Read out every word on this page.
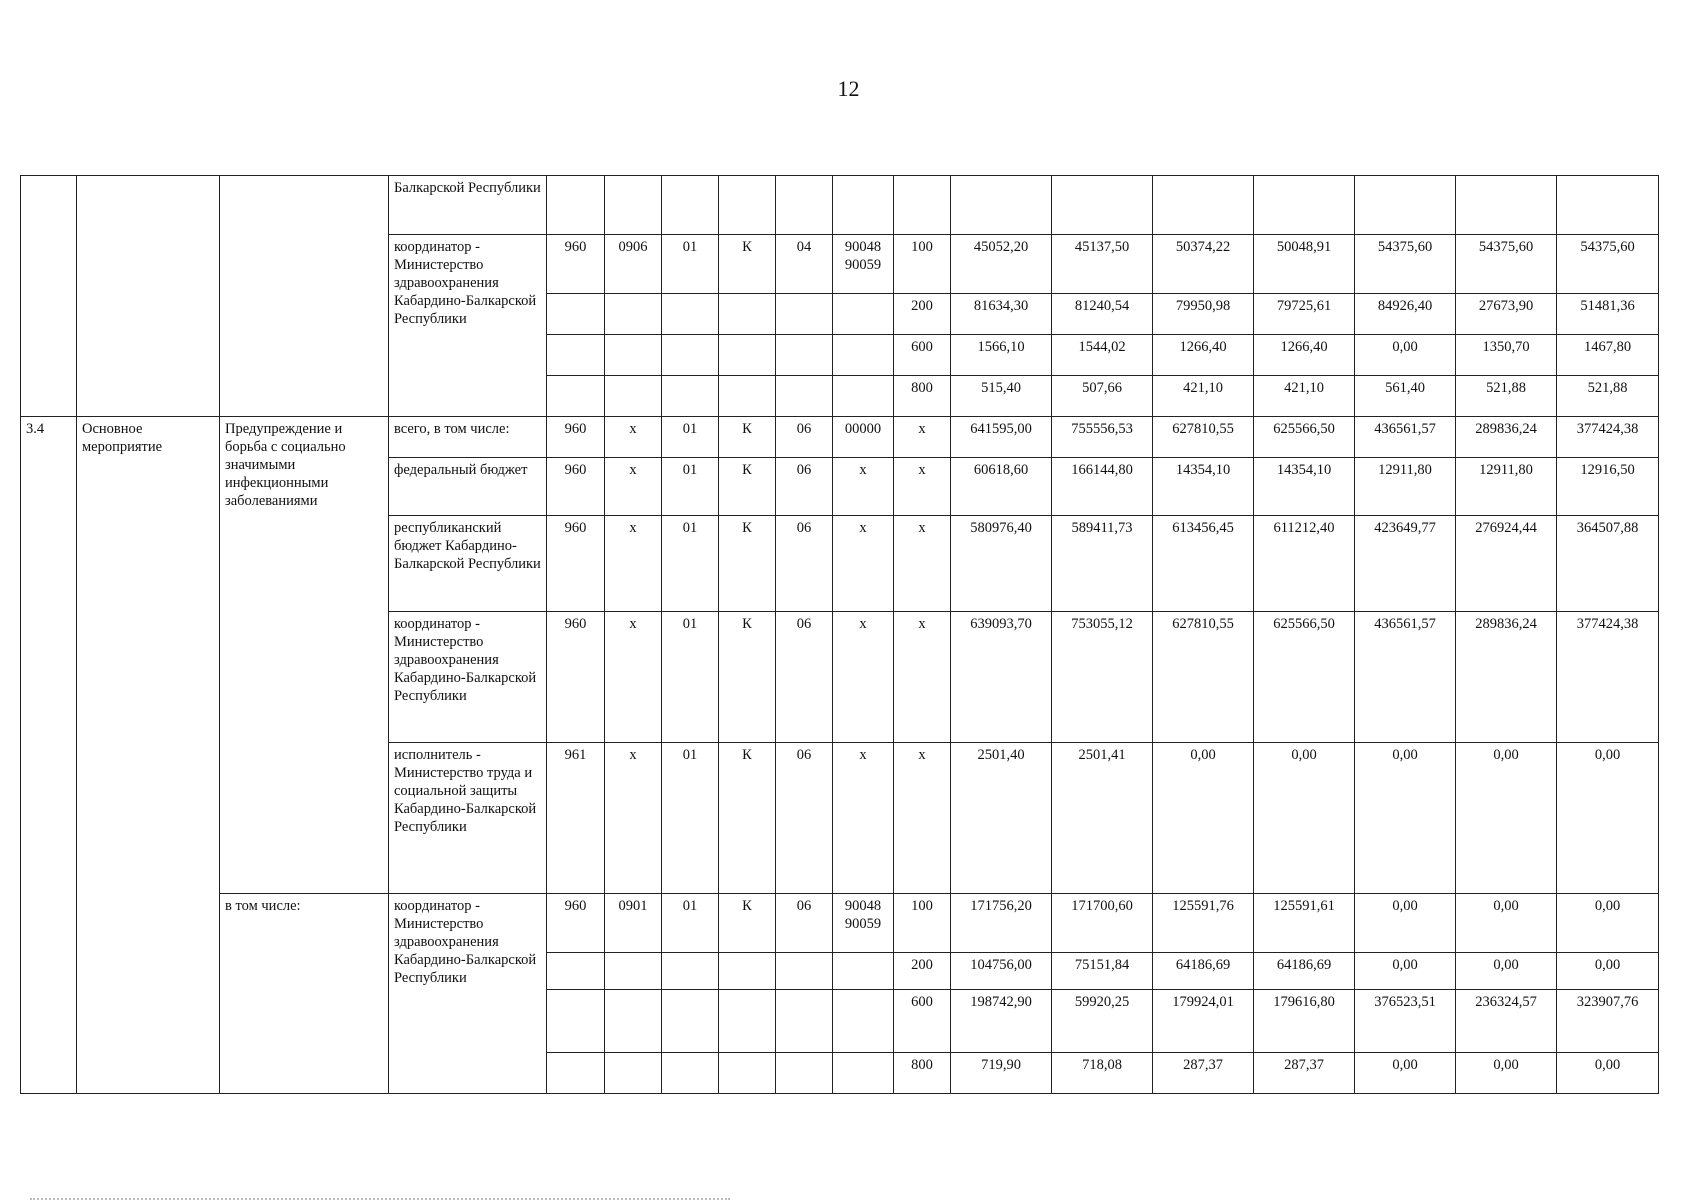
12
			Балкарской Республики														
			координатор - Министерство здравоохранения Кабардино-Балкарской Республики	960	0906	01	К	04	90048 90059	100	45052,20	45137,50	50374,22	50048,91	54375,60	54375,60	54375,60
										200	81634,30	81240,54	79950,98	79725,61	84926,40	27673,90	51481,36
										600	1566,10	1544,02	1266,40	1266,40	0,00	1350,70	1467,80
										800	515,40	507,66	421,10	421,10	561,40	521,88	521,88
3.4	Основное мероприятие	Предупреждение и борьба с социально значимыми инфекционными заболеваниями	всего, в том числе:	960	х	01	К	06	00000	х	641595,00	755556,53	627810,55	625566,50	436561,57	289836,24	377424,38
			федеральный бюджет	960	х	01	К	06	х	х	60618,60	166144,80	14354,10	14354,10	12911,80	12911,80	12916,50
			республиканский бюджет Кабардино-Балкарской Республики	960	х	01	К	06	х	х	580976,40	589411,73	613456,45	611212,40	423649,77	276924,44	364507,88
			координатор - Министерство здравоохранения Кабардино-Балкарской Республики	960	х	01	К	06	х	х	639093,70	753055,12	627810,55	625566,50	436561,57	289836,24	377424,38
			исполнитель - Министерство труда и социальной защиты Кабардино-Балкарской Республики	961	х	01	К	06	х	х	2501,40	2501,41	0,00	0,00	0,00	0,00	0,00
		в том числе:	координатор - Министерство здравоохранения Кабардино-Балкарской Республики	960	0901	01	К	06	90048 90059	100	171756,20	171700,60	125591,76	125591,61	0,00	0,00	0,00
										200	104756,00	75151,84	64186,69	64186,69	0,00	0,00	0,00
										600	198742,90	59920,25	179924,01	179616,80	376523,51	236324,57	323907,76
										800	719,90	718,08	287,37	287,37	0,00	0,00	0,00
